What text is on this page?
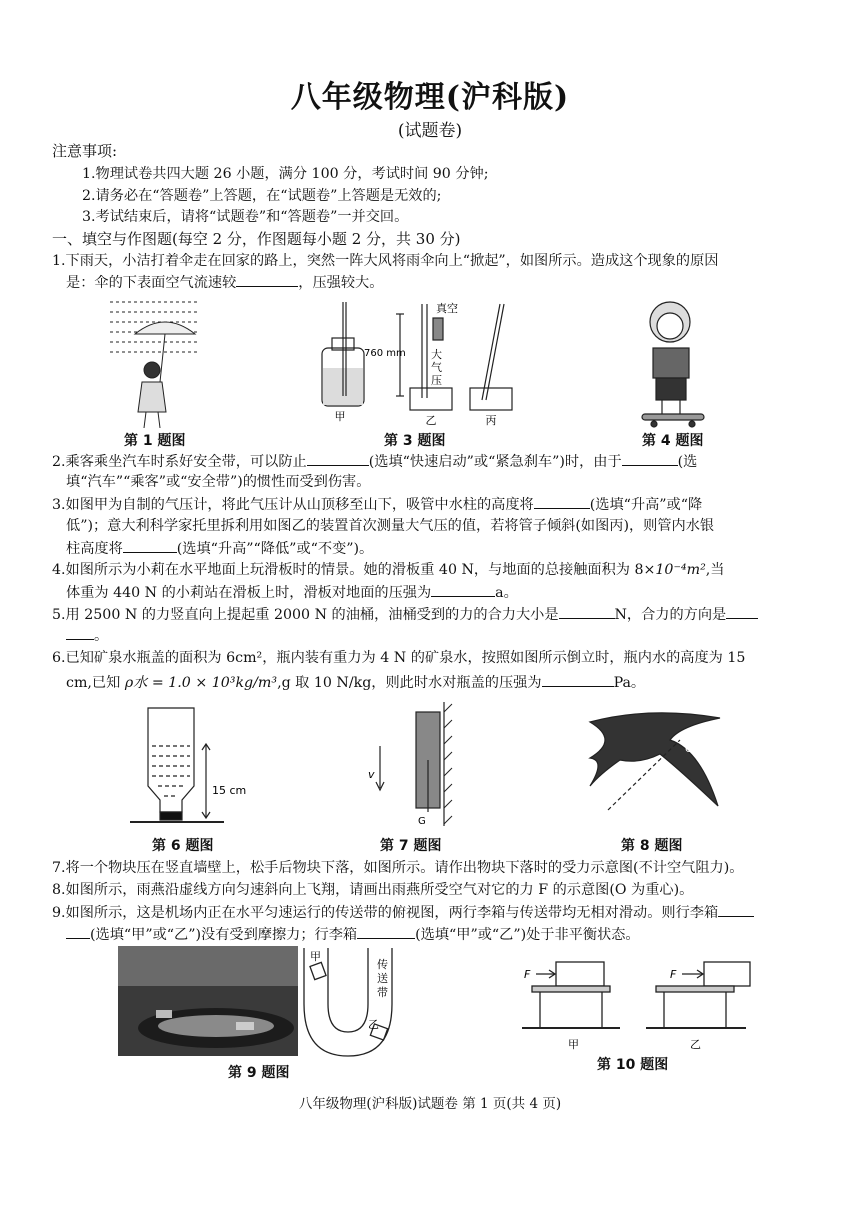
八年级物理(沪科版)
(试题卷)
注意事项:
1.物理试卷共四大题 26 小题，满分 100 分，考试时间 90 分钟;
2.请务必在“答题卷”上答题，在“试题卷”上答题是无效的;
3.考试结束后，请将“试题卷”和“答题卷”一并交回。
一、填空与作图题(每空 2 分，作图题每小题 2 分，共 30 分)
1.下雨天，小洁打着伞走在回家的路上，突然一阵大风将雨伞向上“掀起”，如图所示。造成这个现象的原因
是：伞的下表面空气流速较	，压强较大。
甲	乙	丙
真空
760 mm 大
气
压
第 1 题图	第 3 题图	第 4 题图
2.乘客乘坐汽车时系好安全带，可以防止	(选填“快速启动”或“紧急刹车”)时，由于	(选
填“汽车”“乘客”或“安全带”)的惯性而受到伤害。
3.如图甲为自制的气压计，将此气压计从山顶移至山下，吸管中水柱的高度将	(选填“升高”或“降
低”)；意大利科学家托里拆利用如图乙的装置首次测量大气压的值，若将管子倾斜(如图丙)，则管内水银
柱高度将	(选填“升高”“降低”或“不变”)。
4.如图所示为小莉在水平地面上玩滑板时的情景。她的滑板重 40 N，与地面的总接触面积为 8×10⁻⁴m²,当
体重为 440 N 的小莉站在滑板上时，滑板对地面的压强为	a。
5.用 2500 N 的力竖直向上提起重 2000 N 的油桶，油桶受到的力的合力大小是	N，合力的方向是
。
6.已知矿泉水瓶盖的面积为 6cm²，瓶内装有重力为 4 N 的矿泉水，按照如图所示倒立时，瓶内水的高度为 15
cm,已知 ρ水 = 1.0 × 10³kg/m³,g 取 10 N/kg，则此时水对瓶盖的压强为	Pa。
15 cm
v
G
O
第 6 题图	第 7 题图	第 8 题图
7.将一个物块压在竖直墙壁上，松手后物块下落，如图所示。请作出物块下落时的受力示意图(不计空气阻力)。
8.如图所示，雨燕沿虚线方向匀速斜向上飞翔，请画出雨燕所受空气对它的力 F 的示意图(O 为重心)。
9.如图所示，这是机场内正在水平匀速运行的传送带的俯视图，两行李箱与传送带均无相对滑动。则行李箱
(选填“甲”或“乙”)没有受到摩擦力；行李箱	(选填“甲”或“乙”)处于非平衡状态。
甲
乙
传
送
带
F	F
甲	乙
第 9 题图	第 10 题图
八年级物理(沪科版)试题卷 第 1 页(共 4 页)
